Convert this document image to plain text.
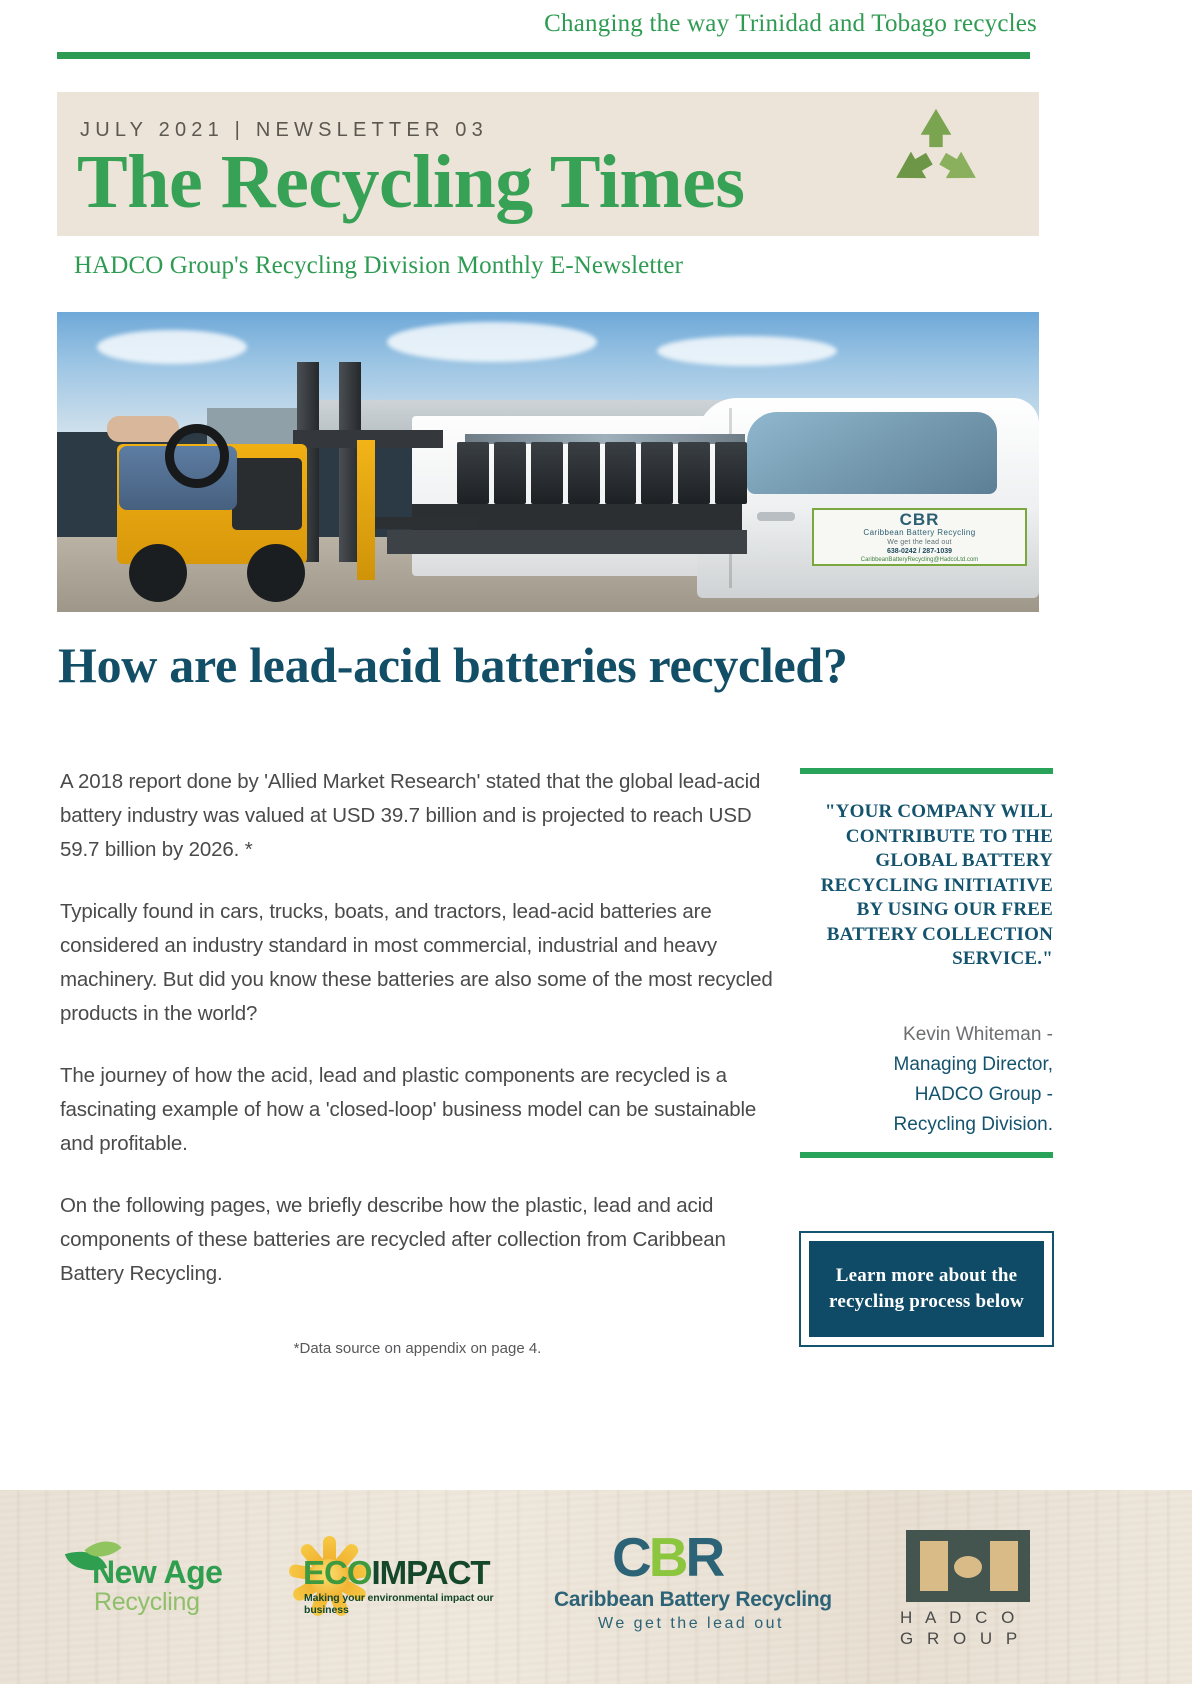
Changing the way Trinidad and Tobago recycles
JULY 2021 | NEWSLETTER 03
The Recycling Times
HADCO Group's Recycling Division Monthly E-Newsletter
CBR
Caribbean Battery Recycling
We get the lead out
638-0242 / 287-1039
CaribbeanBatteryRecycling@HadcoLtd.com
How are lead-acid batteries recycled?

A 2018 report done by 'Allied Market Research' stated that the global lead-acid battery industry was valued at USD 39.7 billion and is projected to reach USD 59.7 billion by 2026. *

Typically found in cars, trucks, boats, and tractors, lead-acid batteries are considered an industry standard in most commercial, industrial and heavy machinery. But did you know these batteries are also some of the most recycled products in the world?

The journey of how the acid, lead and plastic components are recycled is a fascinating example of how a 'closed-loop' business model can be sustainable and profitable.

On the following pages, we briefly describe how the plastic, lead and acid components of these batteries are recycled after collection from Caribbean Battery Recycling.

*Data source on appendix on page 4.
"YOUR COMPANY WILL CONTRIBUTE TO THE GLOBAL BATTERY RECYCLING INITIATIVE BY USING OUR FREE BATTERY COLLECTION SERVICE."
Kevin Whiteman -
Managing Director,
HADCO Group -
Recycling Division.
Learn more about the recycling process below
New Age
Recycling
ECOIMPACT
Making your environmental impact our business
CBR
Caribbean Battery Recycling
We get the lead out	H A D C O
G R O U P
